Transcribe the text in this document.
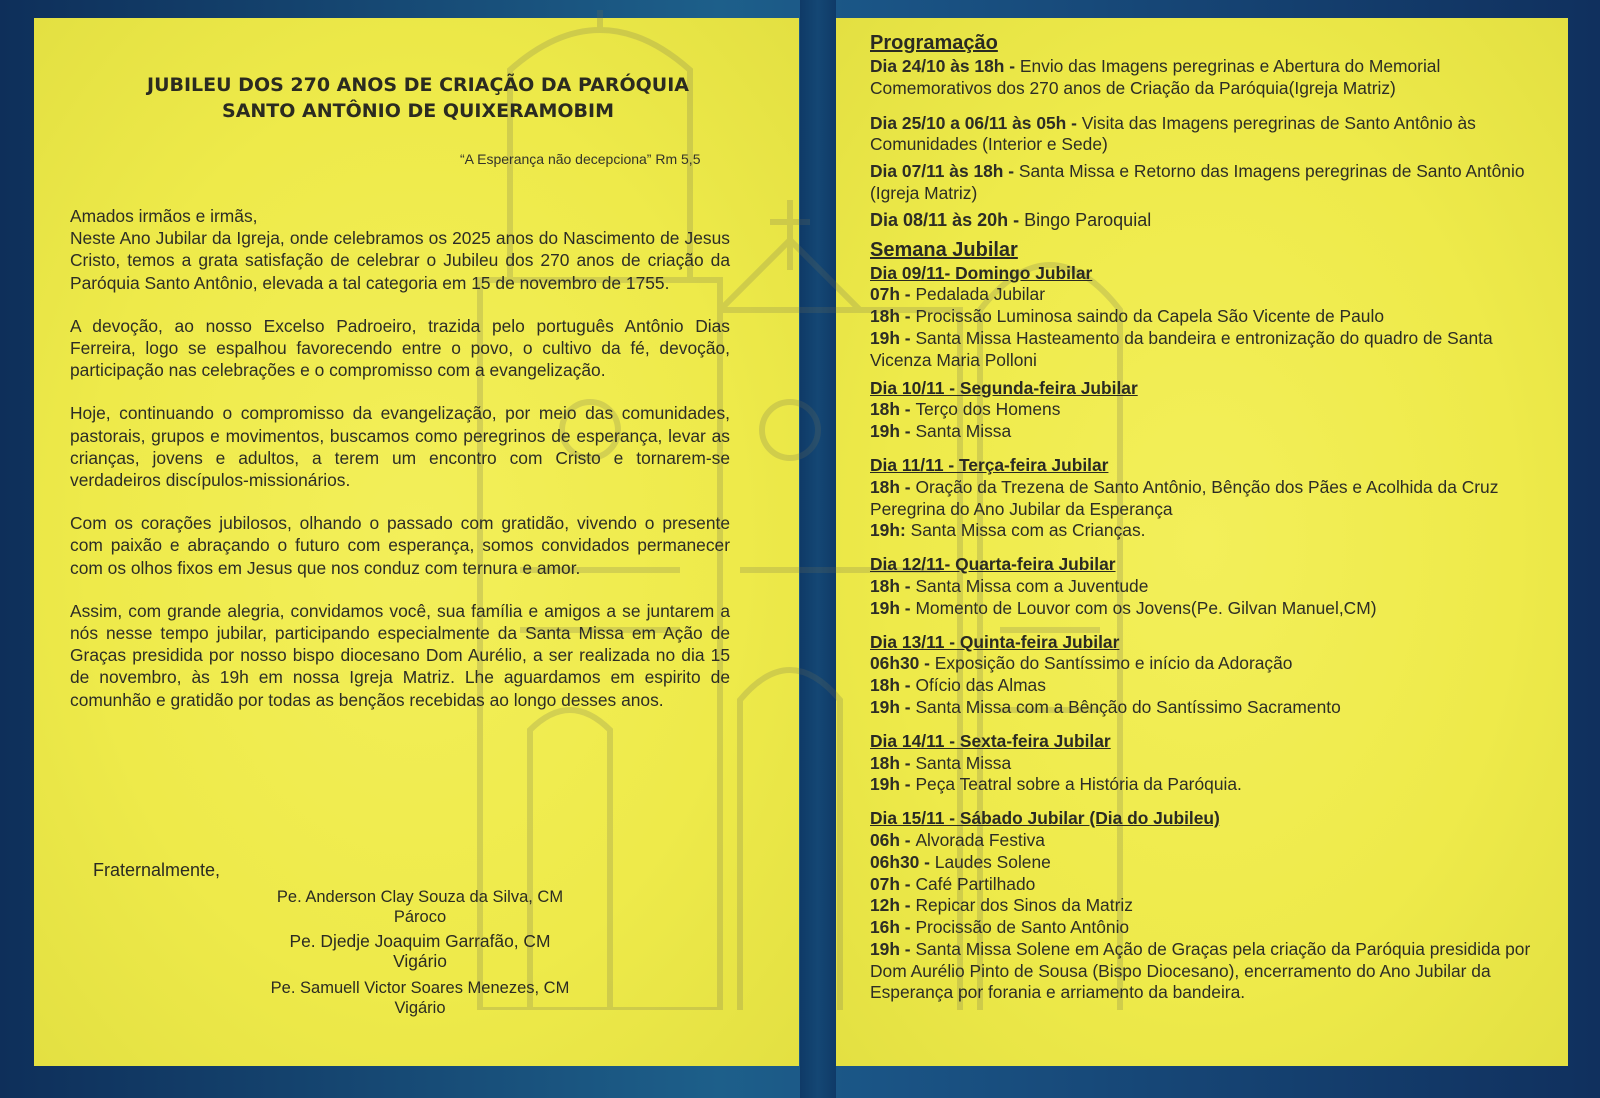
JUBILEU DOS 270 ANOS DE CRIAÇÃO DA PARÓQUIA
SANTO ANTÔNIO DE QUIXERAMOBIM
“A Esperança não decepciona” Rm 5,5
Amados irmãos e irmãs,

Neste Ano Jubilar da Igreja, onde celebramos os 2025 anos do Nascimento de Jesus Cristo, temos a grata satisfação de celebrar o Jubileu dos 270 anos de criação da Paróquia Santo Antônio, elevada a tal categoria em 15 de novembro de 1755.

A devoção, ao nosso Excelso Padroeiro, trazida pelo português Antônio Dias Ferreira, logo se espalhou favorecendo entre o povo, o cultivo da fé, devoção, participação nas celebrações e o compromisso com a evangelização.

Hoje, continuando o compromisso da evangelização, por meio das comunidades, pastorais, grupos e movimentos, buscamos como peregrinos de esperança, levar as crianças, jovens e adultos, a terem um encontro com Cristo e tornarem-se verdadeiros discípulos-missionários.

Com os corações jubilosos, olhando o passado com gratidão, vivendo o presente com paixão e abraçando o futuro com esperança, somos convidados permanecer com os olhos fixos em Jesus que nos conduz com ternura e amor.

Assim, com grande alegria, convidamos você, sua família e amigos a se juntarem a nós nesse tempo jubilar, participando especialmente da Santa Missa em Ação de Graças presidida por nosso bispo diocesano Dom Aurélio, a ser realizada no dia 15 de novembro, às 19h em nossa Igreja Matriz. Lhe aguardamos em espirito de comunhão e gratidão por todas as bençãos recebidas ao longo desses anos.

Fraternalmente,
Pe. Anderson Clay Souza da Silva, CM
Pároco
Pe. Djedje Joaquim Garrafão, CM
Vigário
Pe. Samuell Victor Soares Menezes, CM
Vigário
Programação
Dia 24/10 às 18h - Envio das Imagens peregrinas e Abertura do Memorial Comemorativos dos 270 anos de Criação da Paróquia(Igreja Matriz)
Dia 25/10 a 06/11 às 05h - Visita das Imagens peregrinas de Santo Antônio às Comunidades (Interior e Sede)
Dia 07/11 às 18h - Santa Missa e Retorno das Imagens peregrinas de Santo Antônio (Igreja Matriz)
Dia 08/11 às 20h - Bingo Paroquial
Semana Jubilar
Dia 09/11- Domingo Jubilar
07h - Pedalada Jubilar
18h - Procissão Luminosa saindo da Capela São Vicente de Paulo
19h - Santa Missa Hasteamento da bandeira e entronização do quadro de Santa Vicenza Maria Polloni
Dia 10/11 - Segunda-feira Jubilar
18h - Terço dos Homens
19h - Santa Missa
Dia 11/11 - Terça-feira Jubilar
18h - Oração da Trezena de Santo Antônio, Bênção dos Pães e Acolhida da Cruz Peregrina do Ano Jubilar da Esperança
19h: Santa Missa com as Crianças.
Dia 12/11- Quarta-feira Jubilar
18h - Santa Missa com a Juventude
19h - Momento de Louvor com os Jovens(Pe. Gilvan Manuel,CM)
Dia 13/11 - Quinta-feira Jubilar
06h30 - Exposição do Santíssimo e início da Adoração
18h - Ofício das Almas
19h - Santa Missa com a Bênção do Santíssimo Sacramento
Dia 14/11 - Sexta-feira Jubilar
18h - Santa Missa
19h - Peça Teatral sobre a História da Paróquia.
Dia 15/11 - Sábado Jubilar (Dia do Jubileu)
06h - Alvorada Festiva
06h30 - Laudes Solene
07h - Café Partilhado
12h - Repicar dos Sinos da Matriz
16h - Procissão de Santo Antônio
19h - Santa Missa Solene em Ação de Graças pela criação da Paróquia presidida por Dom Aurélio Pinto de Sousa (Bispo Diocesano), encerramento do Ano Jubilar da Esperança por forania e arriamento da bandeira.
